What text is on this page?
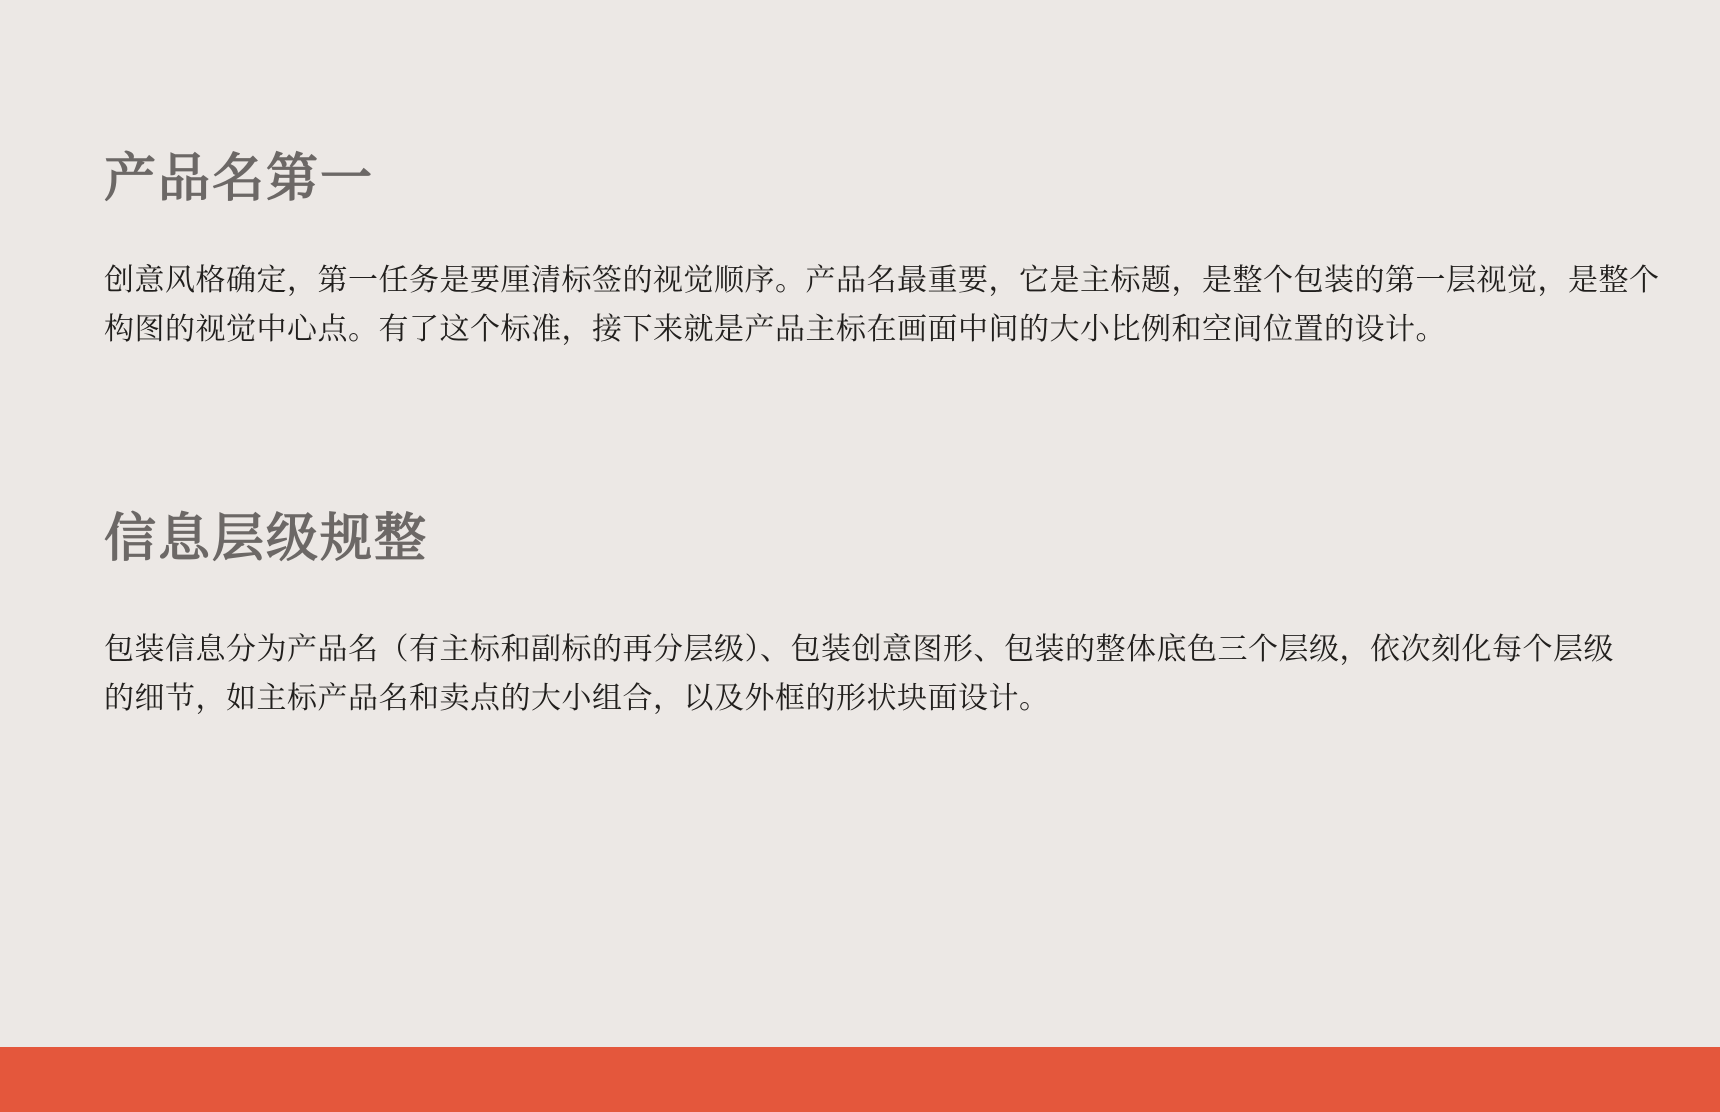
产品名第一
创意风格确定，第一任务是要厘清标签的视觉顺序。产品名最重要，它是主标题，是整个包装的第一层视觉，是整个
构图的视觉中心点。有了这个标准，接下来就是产品主标在画面中间的大小比例和空间位置的设计。
信息层级规整
包装信息分为产品名（有主标和副标的再分层级）、包装创意图形、包装的整体底色三个层级，依次刻化每个层级
的细节，如主标产品名和卖点的大小组合，以及外框的形状块面设计。
